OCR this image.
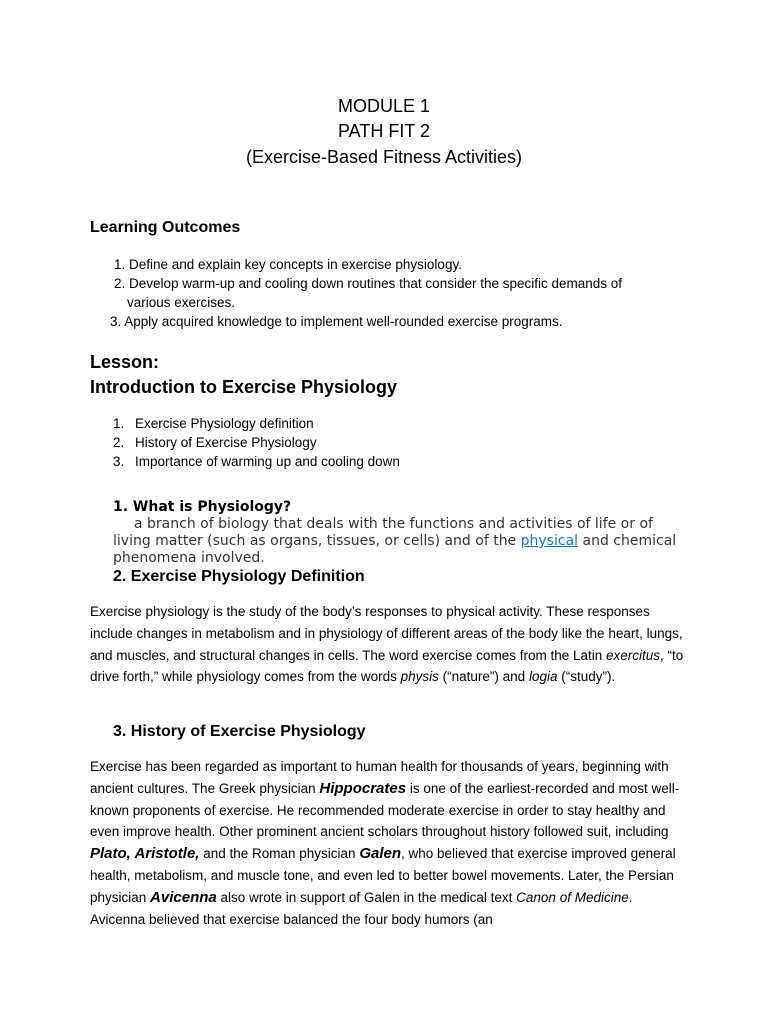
MODULE 1
PATH FIT 2
(Exercise-Based Fitness Activities)
Learning Outcomes
1. Define and explain key concepts in exercise physiology.
2. Develop warm-up and cooling down routines that consider the specific demands of
various exercises.
3. Apply acquired knowledge to implement well-rounded exercise programs.
Lesson:
Introduction to Exercise Physiology
1. Exercise Physiology definition
2. History of Exercise Physiology
3. Importance of warming up and cooling down
1. What is Physiology?
a branch of biology that deals with the functions and activities of life or of living matter (such as organs, tissues, or cells) and of the physical and chemical phenomena involved.
2. Exercise Physiology Definition
Exercise physiology is the study of the body’s responses to physical activity. These responses include changes in metabolism and in physiology of different areas of the body like the heart, lungs, and muscles, and structural changes in cells. The word exercise comes from the Latin exercitus, “to drive forth,” while physiology comes from the words physis (“nature”) and logia (“study”).
3. History of Exercise Physiology
Exercise has been regarded as important to human health for thousands of years, beginning with ancient cultures. The Greek physician Hippocrates is one of the earliest-recorded and most well-known proponents of exercise. He recommended moderate exercise in order to stay healthy and even improve health. Other prominent ancient scholars throughout history followed suit, including Plato, Aristotle, and the Roman physician Galen, who believed that exercise improved general health, metabolism, and muscle tone, and even led to better bowel movements. Later, the Persian physician Avicenna also wrote in support of Galen in the medical text Canon of Medicine. Avicenna believed that exercise balanced the four body humors (an
